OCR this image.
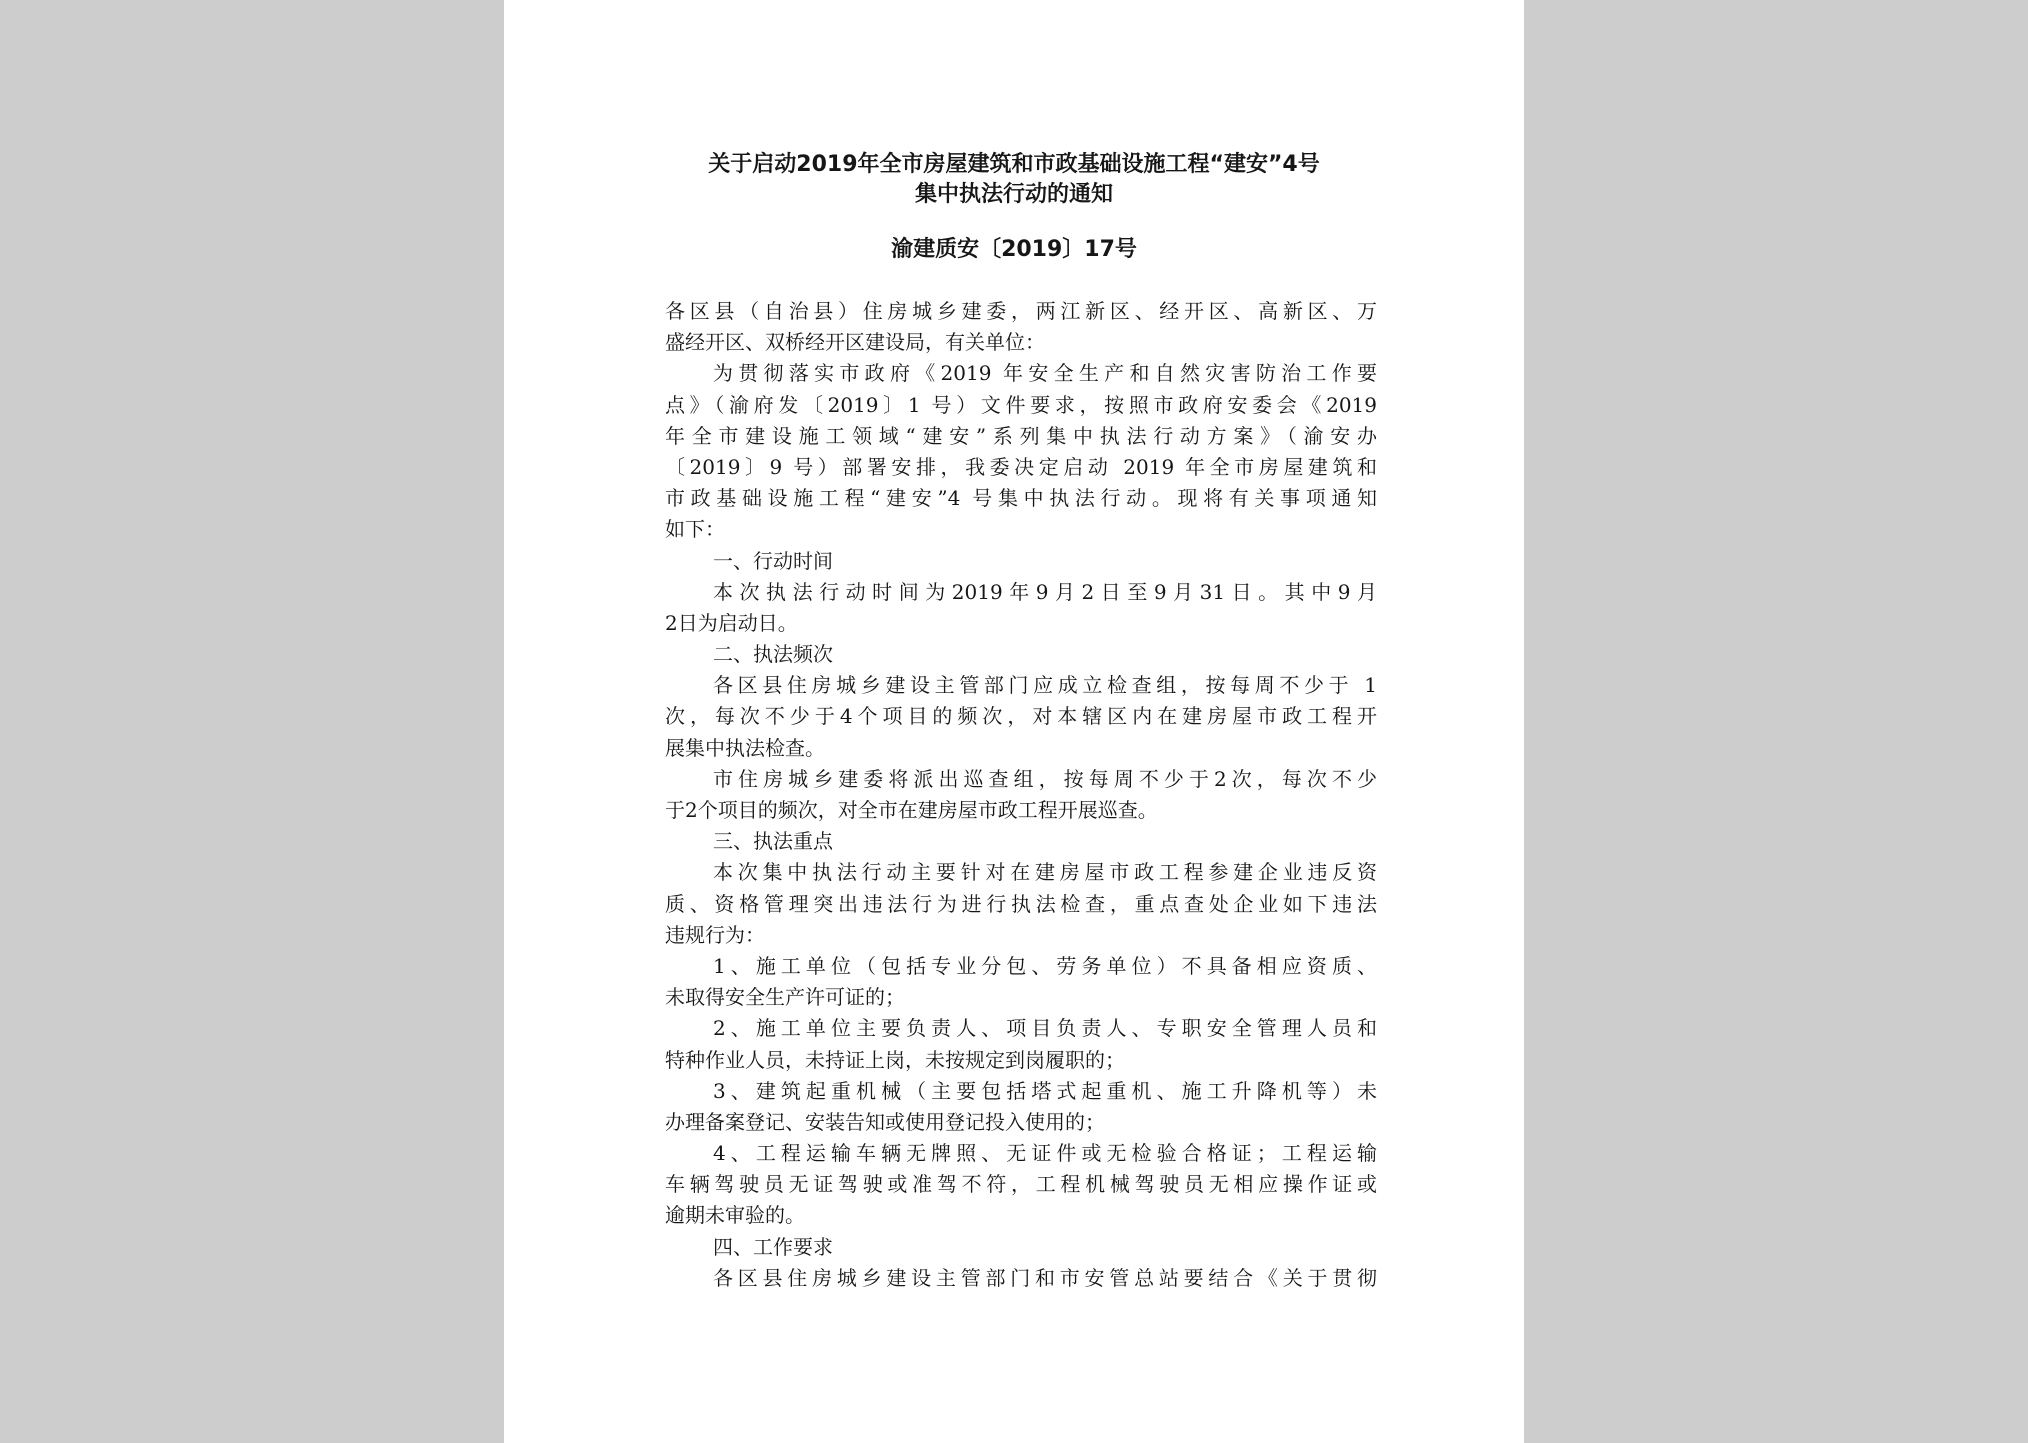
关于启动2019年全市房屋建筑和市政基础设施工程“建安”4号
集中执法行动的通知
渝建质安〔2019〕17号
各区县（自治县）住房城乡建委，两江新区、经开区、高新区、万
盛经开区、双桥经开区建设局，有关单位：
为贯彻落实市政府《2019 年安全生产和自然灾害防治工作要
点》（渝府发〔2019〕1 号）文件要求，按照市政府安委会《2019
年全市建设施工领域“建安”系列集中执法行动方案》（渝安办
〔2019〕9 号）部署安排，我委决定启动 2019 年全市房屋建筑和
市政基础设施工程“建安”4 号集中执法行动。现将有关事项通知
如下：
一、行动时间
本次执法行动时间为2019年9月2日至9月31日。其中9月
2日为启动日。
二、执法频次
各区县住房城乡建设主管部门应成立检查组，按每周不少于 1
次，每次不少于4个项目的频次，对本辖区内在建房屋市政工程开
展集中执法检查。
市住房城乡建委将派出巡查组，按每周不少于2次，每次不少
于2个项目的频次，对全市在建房屋市政工程开展巡查。
三、执法重点
本次集中执法行动主要针对在建房屋市政工程参建企业违反资
质、资格管理突出违法行为进行执法检查，重点查处企业如下违法
违规行为：
1、施工单位（包括专业分包、劳务单位）不具备相应资质、
未取得安全生产许可证的；
2、施工单位主要负责人、项目负责人、专职安全管理人员和
特种作业人员，未持证上岗，未按规定到岗履职的；
3、建筑起重机械（主要包括塔式起重机、施工升降机等）未
办理备案登记、安装告知或使用登记投入使用的；
4、工程运输车辆无牌照、无证件或无检验合格证；工程运输
车辆驾驶员无证驾驶或准驾不符，工程机械驾驶员无相应操作证或
逾期未审验的。
四、工作要求
各区县住房城乡建设主管部门和市安管总站要结合《关于贯彻
